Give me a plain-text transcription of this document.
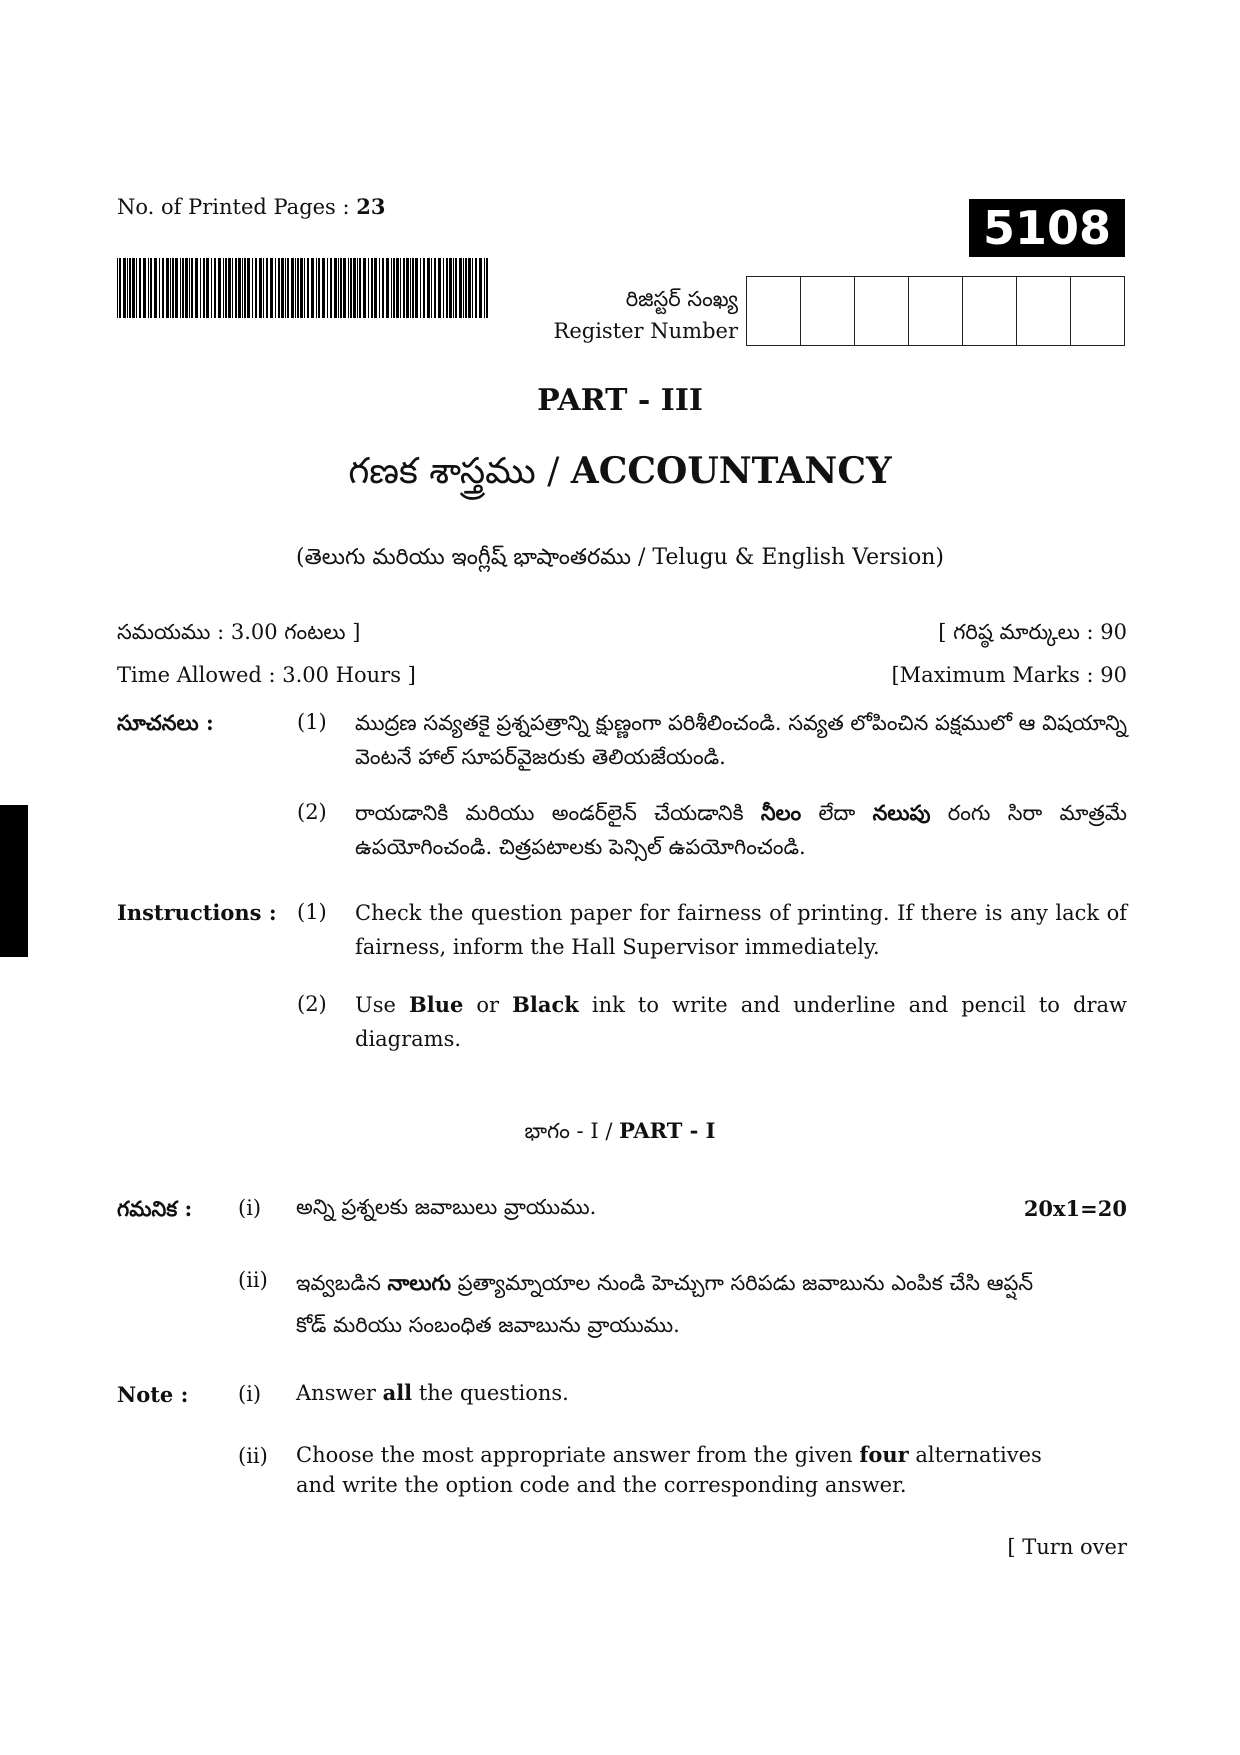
No. of Printed Pages : 23	5108
రిజిస్టర్ సంఖ్య
Register Number
PART - III
గణక శాస్త్రము / ACCOUNTANCY
(తెలుగు మరియు ఇంగ్లీష్ భాషాంతరము / Telugu & English Version)
సమయము : 3.00 గంటలు ]	[ గరిష్ఠ మార్కులు : 90
Time Allowed : 3.00 Hours ]	[Maximum Marks : 90
సూచనలు :	(1) ముద్రణ సవ్యతకై ప్రశ్నపత్రాన్ని క్షుణ్ణంగా పరిశీలించండి. సవ్యత లోపించిన పక్షములో ఆ విషయాన్ని వెంటనే హాల్ సూపర్‌వైజరుకు తెలియజేయండి.
(2) రాయడానికి మరియు అండర్‌లైన్ చేయడానికి నీలం లేదా నలుపు రంగు సిరా మాత్రమే ఉపయోగించండి. చిత్రపటాలకు పెన్సిల్ ఉపయోగించండి.
Instructions : (1) Check the question paper for fairness of printing. If there is any lack of fairness, inform the Hall Supervisor immediately.
(2) Use Blue or Black ink to write and underline and pencil to draw diagrams.
భాగం - I / PART - I
గమనిక : (i) అన్ని ప్రశ్నలకు జవాబులు వ్రాయుము.
(ii) ఇవ్వబడిన నాలుగు ప్రత్యామ్నాయాల నుండి హెచ్చుగా సరిపడు జవాబును ఎంపిక చేసి ఆప్షన్ కోడ్ మరియు సంబంధిత జవాబును వ్రాయుము.
20x1=20
Note : (i) Answer all the questions.
(ii) Choose the most appropriate answer from the given four alternatives and write the option code and the corresponding answer.
[ Turn over
